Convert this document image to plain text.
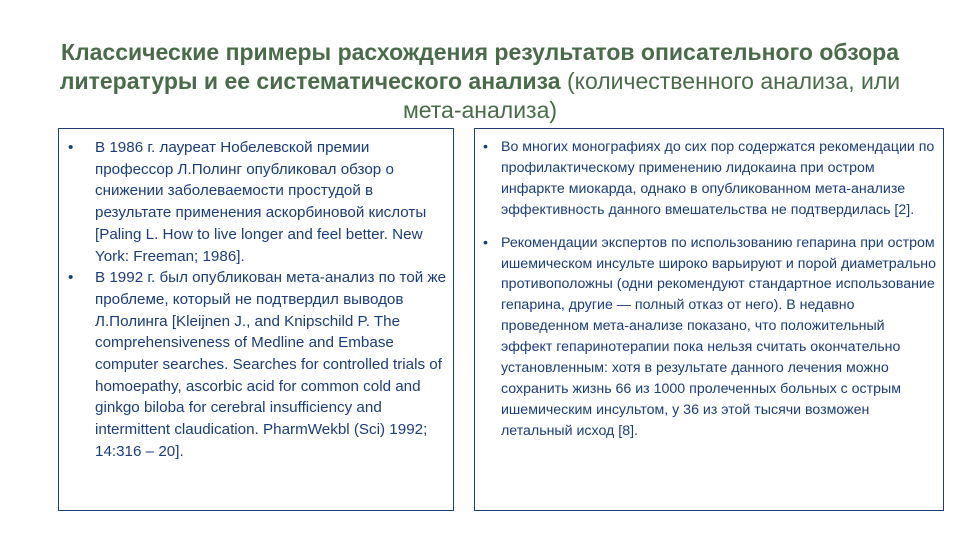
Классические примеры расхождения результатов описательного обзора литературы и ее систематического анализа (количественного анализа, или мета-анализа)
• В 1986 г. лауреат Нобелевской премии профессор Л.Полинг опубликовал обзор о снижении заболеваемости простудой в результате применения аскорбиновой кислоты [Paling L. How to live longer and feel better. New York: Freeman; 1986].
• В 1992 г. был опубликован мета-анализ по той же проблеме, который не подтвердил выводов Л.Полинга [Kleijnen J., and Knipschild P. The comprehensiveness of Medline and Embase computer searches. Searches for controlled trials of homoepathy, ascorbic acid for common cold and ginkgo biloba for cerebral insufficiency and intermittent claudication. PharmWekbl (Sci) 1992; 14:316 – 20].
• Во многих монографиях до сих пор содержатся рекомендации по профилактическому применению лидокаина при остром инфаркте миокарда, однако в опубликованном мета-анализе эффективность данного вмешательства не подтвердилась [2].
• Рекомендации экспертов по использованию гепарина при остром ишемическом инсульте широко варьируют и порой диаметрально противоположны (одни рекомендуют стандартное использование гепарина, другие — полный отказ от него). В недавно проведенном мета-анализе показано, что положительный эффект гепаринотерапии пока нельзя считать окончательно установленным: хотя в результате данного лечения можно сохранить жизнь 66 из 1000 пролеченных больных с острым ишемическим инсультом, у 36 из этой тысячи возможен летальный исход [8].
